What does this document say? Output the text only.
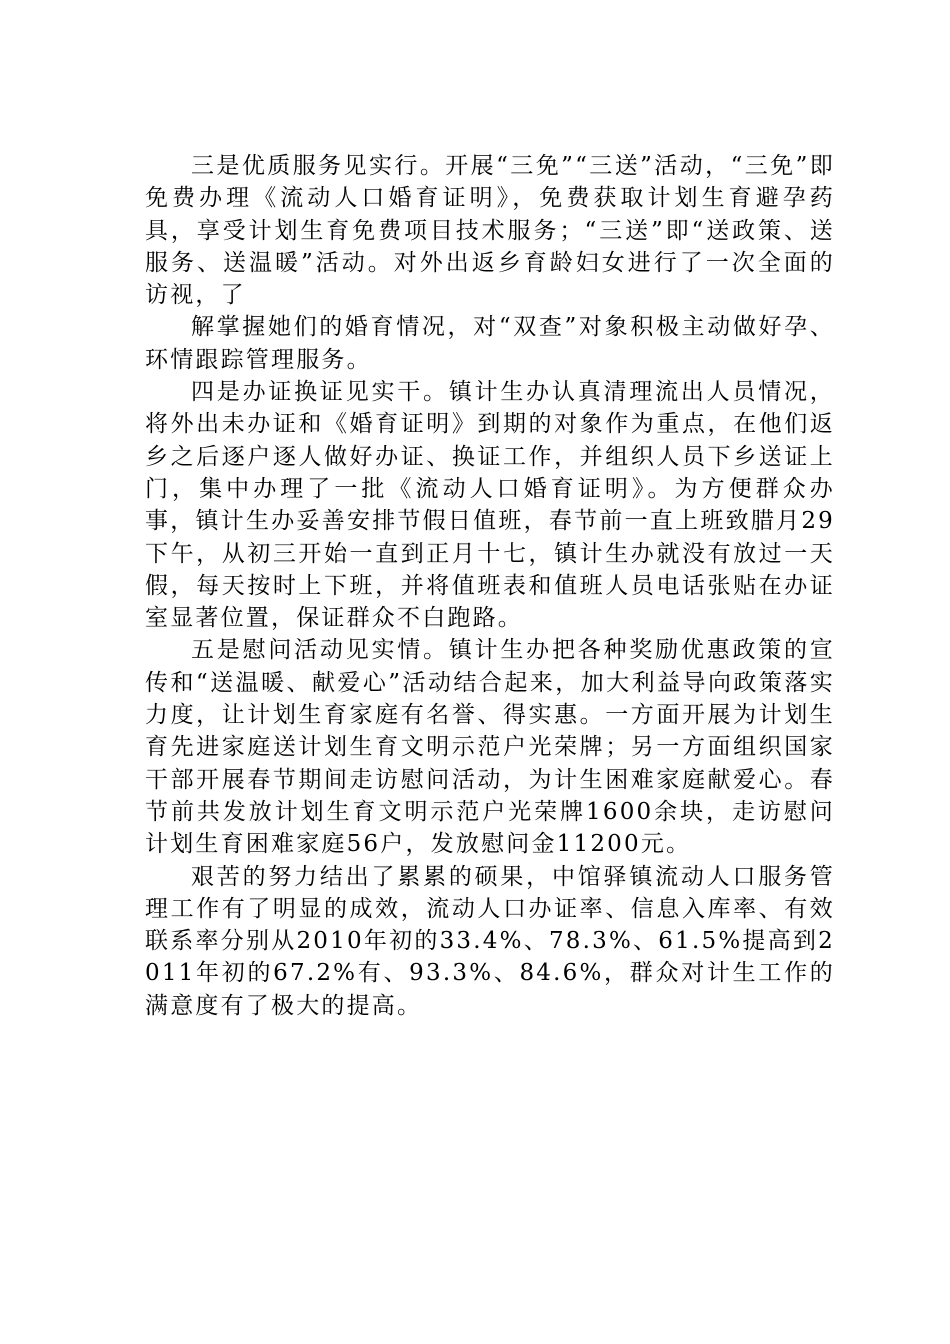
三是优质服务见实行。开展“三免”“三送”活动，“三免”即免费办理《流动人口婚育证明》，免费获取计划生育避孕药具，享受计划生育免费项目技术服务；“三送”即“送政策、送服务、送温暖”活动。对外出返乡育龄妇女进行了一次全面的访视，了

解掌握她们的婚育情况，对“双查”对象积极主动做好孕、环情跟踪管理服务。

四是办证换证见实干。镇计生办认真清理流出人员情况，将外出未办证和《婚育证明》到期的对象作为重点，在他们返乡之后逐户逐人做好办证、换证工作，并组织人员下乡送证上门，集中办理了一批《流动人口婚育证明》。为方便群众办事，镇计生办妥善安排节假日值班，春节前一直上班致腊月29下午，从初三开始一直到正月十七，镇计生办就没有放过一天假，每天按时上下班，并将值班表和值班人员电话张贴在办证室显著位置，保证群众不白跑路。

五是慰问活动见实情。镇计生办把各种奖励优惠政策的宣传和“送温暖、献爱心”活动结合起来，加大利益导向政策落实力度，让计划生育家庭有名誉、得实惠。一方面开展为计划生育先进家庭送计划生育文明示范户光荣牌；另一方面组织国家干部开展春节期间走访慰问活动，为计生困难家庭献爱心。春节前共发放计划生育文明示范户光荣牌1600余块，走访慰问计划生育困难家庭56户，发放慰问金11200元。

艰苦的努力结出了累累的硕果，中馆驿镇流动人口服务管理工作有了明显的成效，流动人口办证率、信息入库率、有效联系率分别从2010年初的33.4%、78.3%、61.5%提高到2011年初的67.2%有、93.3%、84.6%，群众对计生工作的满意度有了极大的提高。
